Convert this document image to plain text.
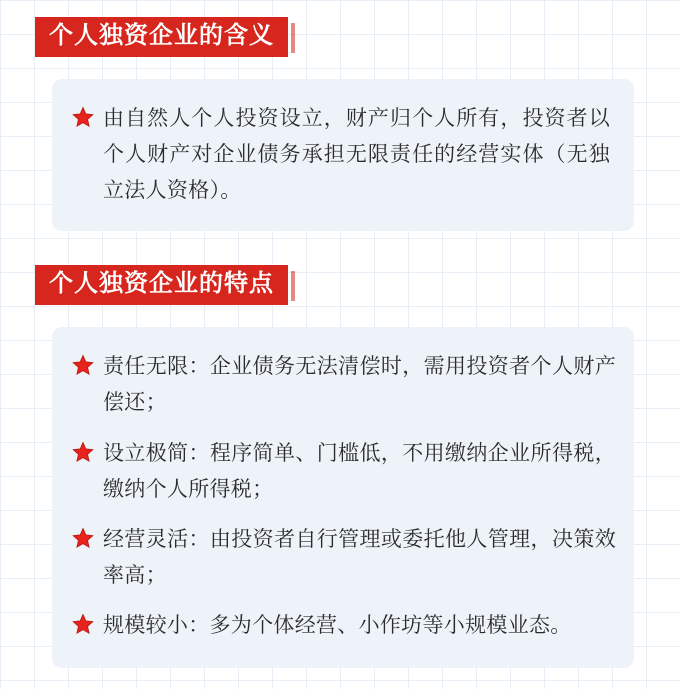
个人独资企业的含义
由自然人个人投资设立，财产归个人所有，投资者以个人财产对企业债务承担无限责任的经营实体（无独立法人资格）。
个人独资企业的特点
责任无限：企业债务无法清偿时，需用投资者个人财产偿还；
设立极简：程序简单、门槛低，不用缴纳企业所得税，缴纳个人所得税；
经营灵活：由投资者自行管理或委托他人管理，决策效率高；
规模较小：多为个体经营、小作坊等小规模业态。
